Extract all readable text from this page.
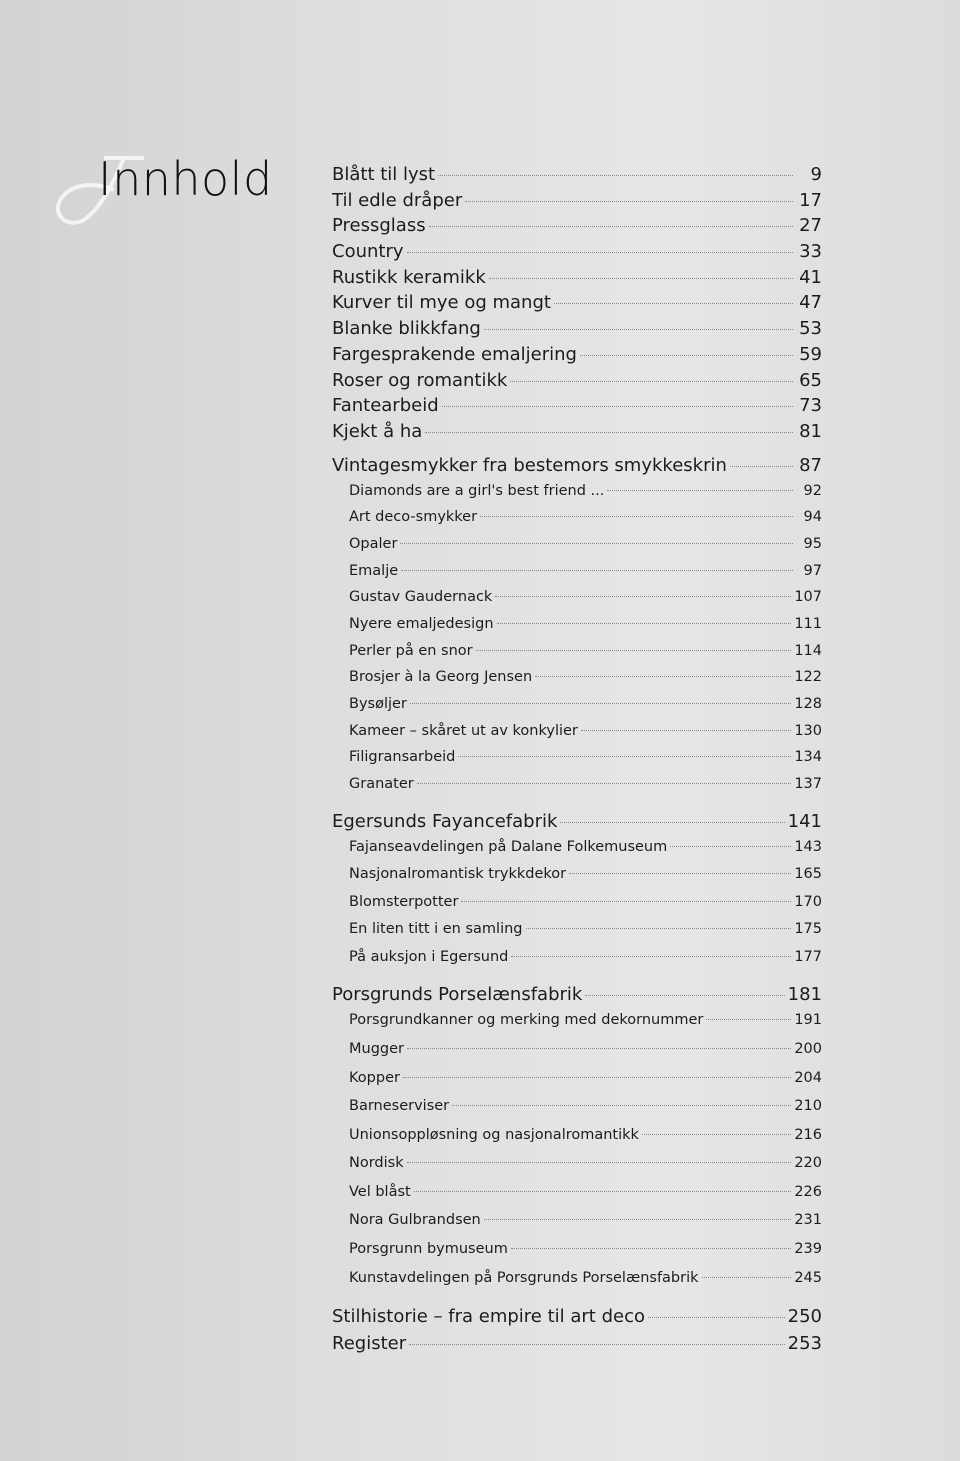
Innhold	Blått til lyst	9
Til edle dråper	17
Pressglass	27
Country	33
Rustikk keramikk	41
Kurver til mye og mangt	47
Blanke blikkfang	53
Fargesprakende emaljering	59
Roser og romantikk	65
Fantearbeid	73
Kjekt å ha	81
Vintagesmykker fra bestemors smykkeskrin	87
Diamonds are a girl's best friend ...	92
Art deco-smykker	94
Opaler	95
Emalje	97
Gustav Gaudernack	107
Nyere emaljedesign	111
Perler på en snor	114
Brosjer à la Georg Jensen	122
Bysøljer	128
Kameer – skåret ut av konkylier	130
Filigransarbeid	134
Granater	137
Egersunds Fayancefabrik	141
Fajanseavdelingen på Dalane Folkemuseum	143
Nasjonalromantisk trykkdekor	165
Blomsterpotter	170
En liten titt i en samling	175
På auksjon i Egersund	177
Porsgrunds Porselænsfabrik	181
Porsgrundkanner og merking med dekornummer	191
Mugger	200
Kopper	204
Barneserviser	210
Unionsoppløsning og nasjonalromantikk	216
Nordisk	220
Vel blåst	226
Nora Gulbrandsen	231
Porsgrunn bymuseum	239
Kunstavdelingen på Porsgrunds Porselænsfabrik	245
Stilhistorie – fra empire til art deco	250
Register	253
